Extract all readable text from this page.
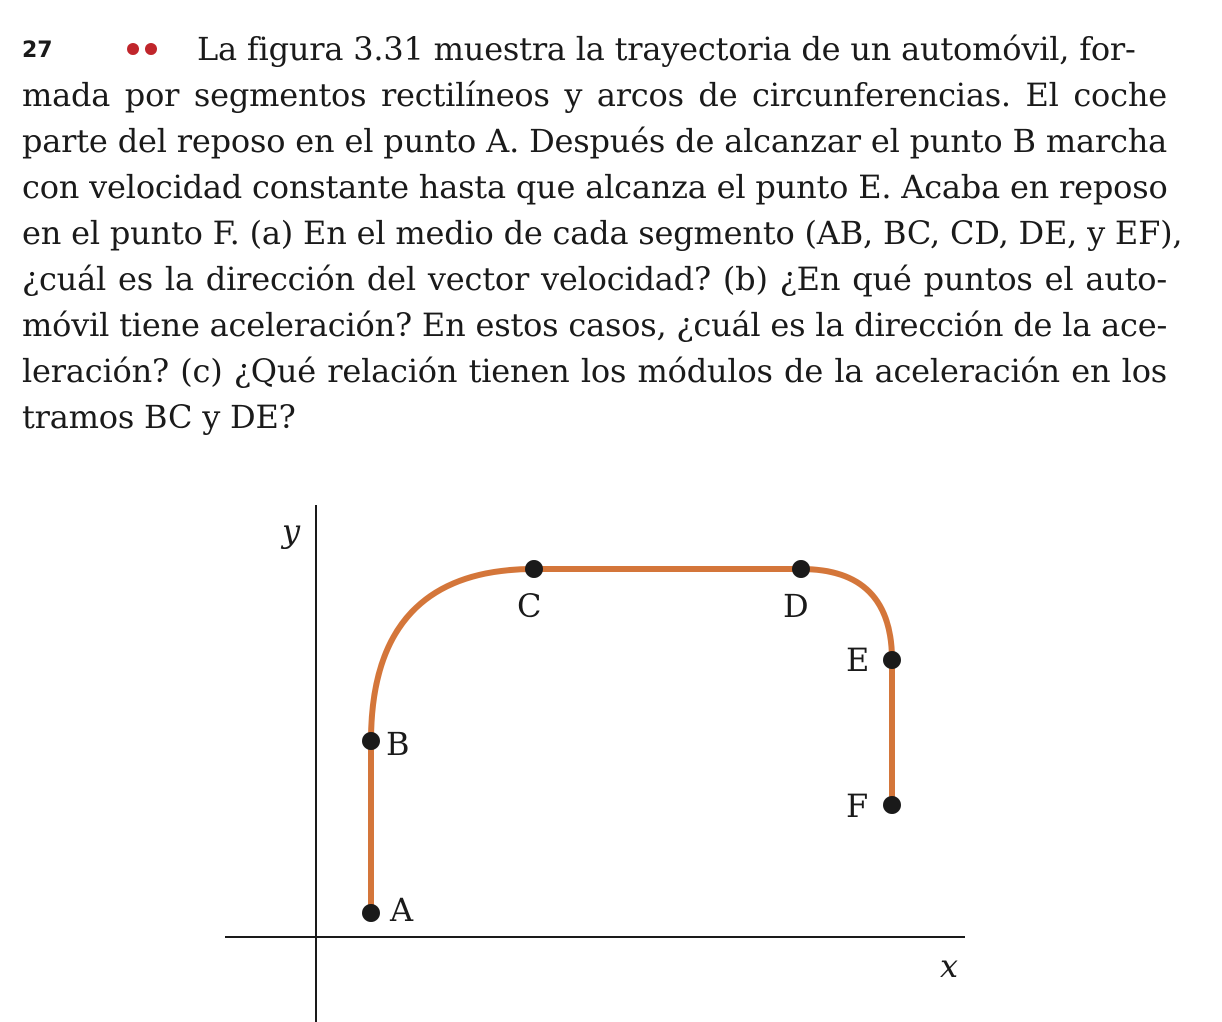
27	La figura 3.31 muestra la trayectoria de un automóvil, for-
mada por segmentos rectilíneos y arcos de circunferencias. El coche
parte del reposo en el punto A. Después de alcanzar el punto B marcha
con velocidad constante hasta que alcanza el punto E. Acaba en reposo
en el punto F. (a) En el medio de cada segmento (AB, BC, CD, DE, y EF),
¿cuál es la dirección del vector velocidad? (b) ¿En qué puntos el auto-
móvil tiene aceleración? En estos casos, ¿cuál es la dirección de la ace-
leración? (c) ¿Qué relación tienen los módulos de la aceleración en los
tramos BC y DE?
y
x
A
B
C	D
E
F
